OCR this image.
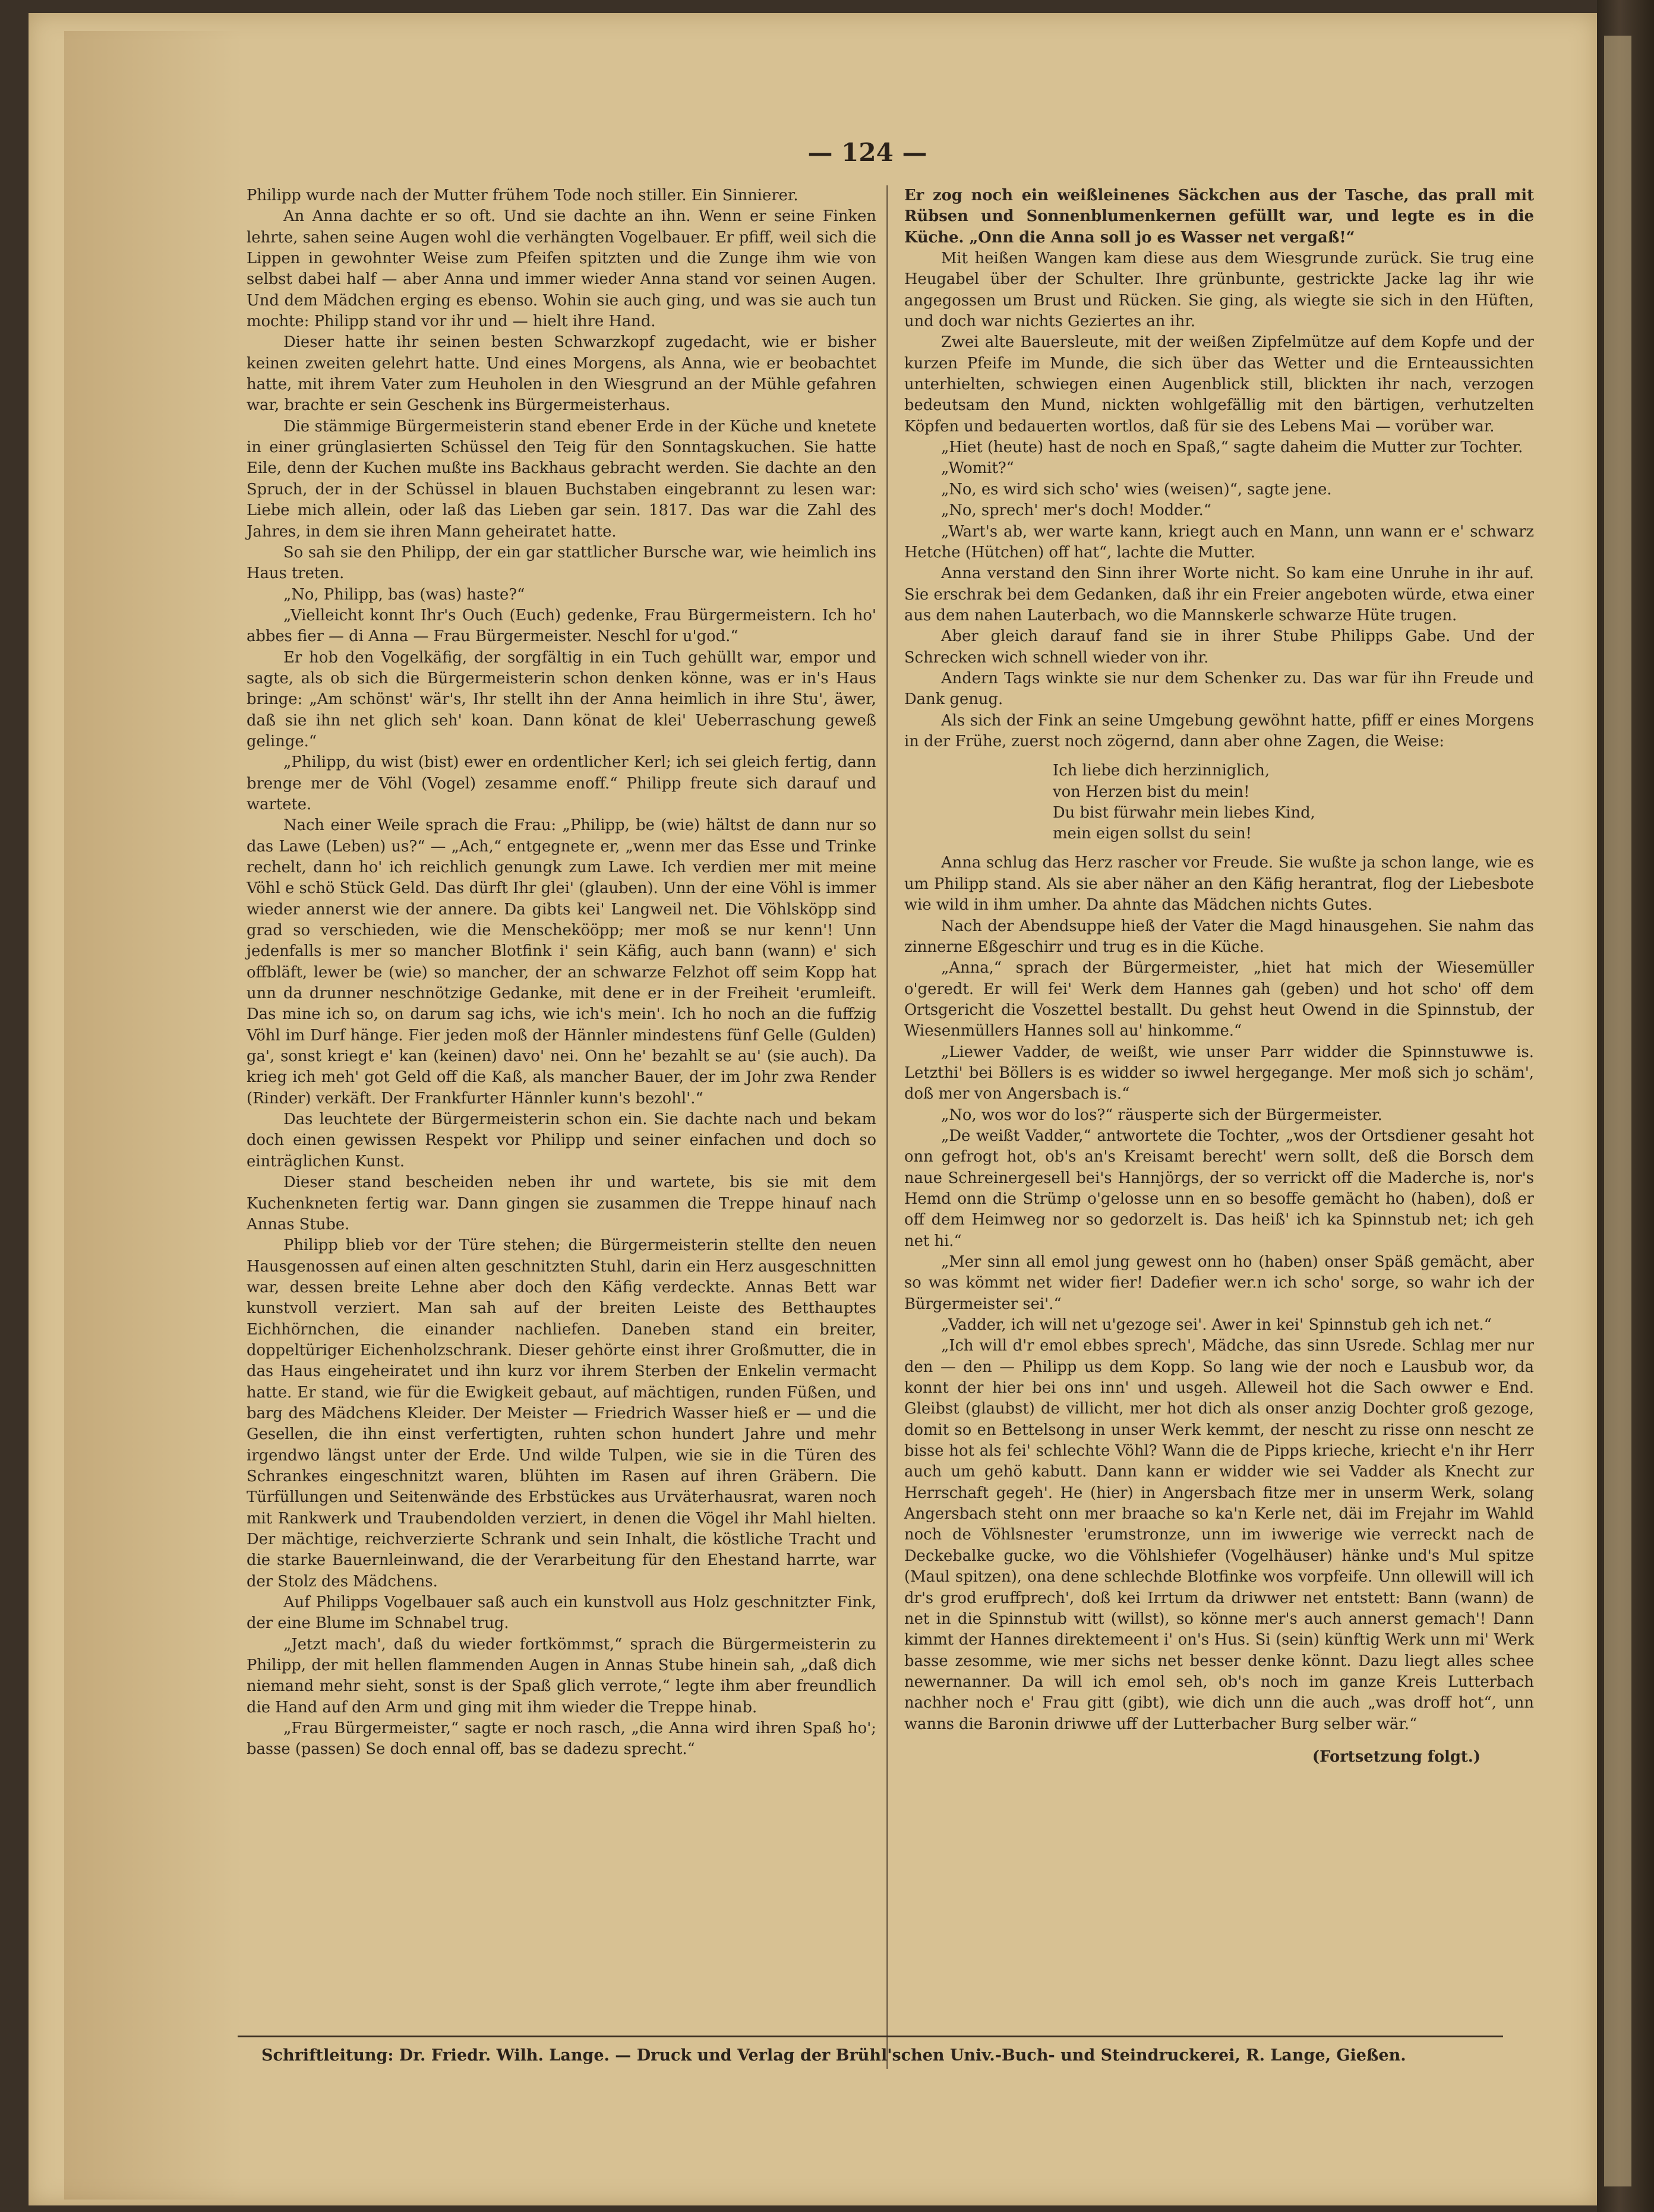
— 124 —

Philipp wurde nach der Mutter frühem Tode noch stiller. Ein Sinnierer.

An Anna dachte er so oft. Und sie dachte an ihn. Wenn er seine Finken lehrte, sahen seine Augen wohl die verhängten Vogelbauer. Er pfiff, weil sich die Lippen in gewohnter Weise zum Pfeifen spitzten und die Zunge ihm wie von selbst dabei half — aber Anna und immer wieder Anna stand vor seinen Augen. Und dem Mädchen erging es ebenso. Wohin sie auch ging, und was sie auch tun mochte: Philipp stand vor ihr und — hielt ihre Hand.

Dieser hatte ihr seinen besten Schwarzkopf zugedacht, wie er bisher keinen zweiten gelehrt hatte. Und eines Morgens, als Anna, wie er beobachtet hatte, mit ihrem Vater zum Heuholen in den Wiesgrund an der Mühle gefahren war, brachte er sein Geschenk ins Bürgermeisterhaus.

Die stämmige Bürgermeisterin stand ebener Erde in der Küche und knetete in einer grünglasierten Schüssel den Teig für den Sonntagskuchen. Sie hatte Eile, denn der Kuchen mußte ins Backhaus gebracht werden. Sie dachte an den Spruch, der in der Schüssel in blauen Buchstaben eingebrannt zu lesen war: Liebe mich allein, oder laß das Lieben gar sein. 1817. Das war die Zahl des Jahres, in dem sie ihren Mann geheiratet hatte.

So sah sie den Philipp, der ein gar stattlicher Bursche war, wie heimlich ins Haus treten.

„No, Philipp, bas (was) haste?“

„Vielleicht konnt Ihr's Ouch (Euch) gedenke, Frau Bürgermeistern. Ich ho' abbes fier — di Anna — Frau Bürgermeister. Neschl for u'god.“

Er hob den Vogelkäfig, der sorgfältig in ein Tuch gehüllt war, empor und sagte, als ob sich die Bürgermeisterin schon denken könne, was er in's Haus bringe: „Am schönst' wär's, Ihr stellt ihn der Anna heimlich in ihre Stu', äwer, daß sie ihn net glich seh' koan. Dann könat de klei' Ueberraschung geweß gelinge.“

„Philipp, du wist (bist) ewer en ordentlicher Kerl; ich sei gleich fertig, dann brenge mer de Vöhl (Vogel) zesamme enoff.“ Philipp freute sich darauf und wartete.

Nach einer Weile sprach die Frau: „Philipp, be (wie) hältst de dann nur so das Lawe (Leben) us?“ — „Ach,“ entgegnete er, „wenn mer das Esse und Trinke rechelt, dann ho' ich reichlich genungk zum Lawe. Ich verdien mer mit meine Vöhl e schö Stück Geld. Das dürft Ihr glei' (glauben). Unn der eine Vöhl is immer wieder annerst wie der annere. Da gibts kei' Langweil net. Die Vöhlsköpp sind grad so verschieden, wie die Menschekööpp; mer moß se nur kenn'! Unn jedenfalls is mer so mancher Blotfink i' sein Käfig, auch bann (wann) e' sich offbläft, lewer be (wie) so mancher, der an schwarze Felzhot off seim Kopp hat unn da drunner neschnötzige Gedanke, mit dene er in der Freiheit 'erumleift. Das mine ich so, on darum sag ichs, wie ich's mein'. Ich ho noch an die fuffzig Vöhl im Durf hänge. Fier jeden moß der Hännler mindestens fünf Gelle (Gulden) ga', sonst kriegt e' kan (keinen) davo' nei. Onn he' bezahlt se au' (sie auch). Da krieg ich meh' got Geld off die Kaß, als mancher Bauer, der im Johr zwa Render (Rinder) verkäft. Der Frankfurter Hännler kunn's bezohl'.“

Das leuchtete der Bürgermeisterin schon ein. Sie dachte nach und bekam doch einen gewissen Respekt vor Philipp und seiner einfachen und doch so einträglichen Kunst.

Dieser stand bescheiden neben ihr und wartete, bis sie mit dem Kuchenkneten fertig war. Dann gingen sie zusammen die Treppe hinauf nach Annas Stube.

Philipp blieb vor der Türe stehen; die Bürgermeisterin stellte den neuen Hausgenossen auf einen alten geschnitzten Stuhl, darin ein Herz ausgeschnitten war, dessen breite Lehne aber doch den Käfig verdeckte. Annas Bett war kunstvoll verziert. Man sah auf der breiten Leiste des Betthauptes Eichhörnchen, die einander nachliefen. Daneben stand ein breiter, doppeltüriger Eichenholzschrank. Dieser gehörte einst ihrer Großmutter, die in das Haus eingeheiratet und ihn kurz vor ihrem Sterben der Enkelin vermacht hatte. Er stand, wie für die Ewigkeit gebaut, auf mächtigen, runden Füßen, und barg des Mädchens Kleider. Der Meister — Friedrich Wasser hieß er — und die Gesellen, die ihn einst verfertigten, ruhten schon hundert Jahre und mehr irgendwo längst unter der Erde. Und wilde Tulpen, wie sie in die Türen des Schrankes eingeschnitzt waren, blühten im Rasen auf ihren Gräbern. Die Türfüllungen und Seitenwände des Erbstückes aus Urväterhausrat, waren noch mit Rankwerk und Traubendolden verziert, in denen die Vögel ihr Mahl hielten. Der mächtige, reichverzierte Schrank und sein Inhalt, die köstliche Tracht und die starke Bauernleinwand, die der Verarbeitung für den Ehestand harrte, war der Stolz des Mädchens.

Auf Philipps Vogelbauer saß auch ein kunstvoll aus Holz geschnitzter Fink, der eine Blume im Schnabel trug.

„Jetzt mach', daß du wieder fortkömmst,“ sprach die Bürgermeisterin zu Philipp, der mit hellen flammenden Augen in Annas Stube hinein sah, „daß dich niemand mehr sieht, sonst is der Spaß glich verrote,“ legte ihm aber freundlich die Hand auf den Arm und ging mit ihm wieder die Treppe hinab.

„Frau Bürgermeister,“ sagte er noch rasch, „die Anna wird ihren Spaß ho'; basse (passen) Se doch ennal off, bas se dadezu sprecht.“

Er zog noch ein weißleinenes Säckchen aus der Tasche, das prall mit Rübsen und Sonnenblumenkernen gefüllt war, und legte es in die Küche. „Onn die Anna soll jo es Wasser net vergaß!“

Mit heißen Wangen kam diese aus dem Wiesgrunde zurück. Sie trug eine Heugabel über der Schulter. Ihre grünbunte, gestrickte Jacke lag ihr wie angegossen um Brust und Rücken. Sie ging, als wiegte sie sich in den Hüften, und doch war nichts Geziertes an ihr.

Zwei alte Bauersleute, mit der weißen Zipfelmütze auf dem Kopfe und der kurzen Pfeife im Munde, die sich über das Wetter und die Ernteaussichten unterhielten, schwiegen einen Augenblick still, blickten ihr nach, verzogen bedeutsam den Mund, nickten wohlgefällig mit den bärtigen, verhutzelten Köpfen und bedauerten wortlos, daß für sie des Lebens Mai — vorüber war.

„Hiet (heute) hast de noch en Spaß,“ sagte daheim die Mutter zur Tochter.

„Womit?“

„No, es wird sich scho' wies (weisen)“, sagte jene.

„No, sprech' mer's doch! Modder.“

„Wart's ab, wer warte kann, kriegt auch en Mann, unn wann er e' schwarz Hetche (Hütchen) off hat“, lachte die Mutter.

Anna verstand den Sinn ihrer Worte nicht. So kam eine Unruhe in ihr auf. Sie erschrak bei dem Gedanken, daß ihr ein Freier angeboten würde, etwa einer aus dem nahen Lauterbach, wo die Mannskerle schwarze Hüte trugen.

Aber gleich darauf fand sie in ihrer Stube Philipps Gabe. Und der Schrecken wich schnell wieder von ihr.

Andern Tags winkte sie nur dem Schenker zu. Das war für ihn Freude und Dank genug.

Als sich der Fink an seine Umgebung gewöhnt hatte, pfiff er eines Morgens in der Frühe, zuerst noch zögernd, dann aber ohne Zagen, die Weise:

Ich liebe dich herzinniglich,
von Herzen bist du mein!
Du bist fürwahr mein liebes Kind,
mein eigen sollst du sein!

Anna schlug das Herz rascher vor Freude. Sie wußte ja schon lange, wie es um Philipp stand. Als sie aber näher an den Käfig herantrat, flog der Liebesbote wie wild in ihm umher. Da ahnte das Mädchen nichts Gutes.

Nach der Abendsuppe hieß der Vater die Magd hinausgehen. Sie nahm das zinnerne Eßgeschirr und trug es in die Küche.

„Anna,“ sprach der Bürgermeister, „hiet hat mich der Wiesemüller o'geredt. Er will fei' Werk dem Hannes gah (geben) und hot scho' off dem Ortsgericht die Voszettel bestallt. Du gehst heut Owend in die Spinnstub, der Wiesenmüllers Hannes soll au' hinkomme.“

„Liewer Vadder, de weißt, wie unser Parr widder die Spinnstuwwe is. Letzthi' bei Böllers is es widder so iwwel hergegange. Mer moß sich jo schäm', doß mer von Angersbach is.“

„No, wos wor do los?“ räusperte sich der Bürgermeister.

„De weißt Vadder,“ antwortete die Tochter, „wos der Ortsdiener gesaht hot onn gefrogt hot, ob's an's Kreisamt berecht' wern sollt, deß die Borsch dem naue Schreinergesell bei's Hannjörgs, der so verrickt off die Maderche is, nor's Hemd onn die Strümp o'gelosse unn en so besoffe gemächt ho (haben), doß er off dem Heimweg nor so gedorzelt is. Das heiß' ich ka Spinnstub net; ich geh net hi.“

„Mer sinn all emol jung gewest onn ho (haben) onser Späß gemächt, aber so was kömmt net wider fier! Dadefier wer.n ich scho' sorge, so wahr ich der Bürgermeister sei'.“

„Vadder, ich will net u'gezoge sei'. Awer in kei' Spinnstub geh ich net.“

„Ich will d'r emol ebbes sprech', Mädche, das sinn Usrede. Schlag mer nur den — den — Philipp us dem Kopp. So lang wie der noch e Lausbub wor, da konnt der hier bei ons inn' und usgeh. Alleweil hot die Sach owwer e End. Gleibst (glaubst) de villicht, mer hot dich als onser anzig Dochter groß gezoge, domit so en Bettelsong in unser Werk kemmt, der nescht zu risse onn nescht ze bisse hot als fei' schlechte Vöhl? Wann die de Pipps krieche, kriecht e'n ihr Herr auch um gehö kabutt. Dann kann er widder wie sei Vadder als Knecht zur Herrschaft gegeh'. He (hier) in Angersbach fitze mer in unserm Werk, solang Angersbach steht onn mer braache so ka'n Kerle net, däi im Frejahr im Wahld noch de Vöhlsnester 'erumstronze, unn im iwwerige wie verreckt nach de Deckebalke gucke, wo die Vöhlshiefer (Vogelhäuser) hänke und's Mul spitze (Maul spitzen), ona dene schlechde Blotfinke wos vorpfeife. Unn ollewill will ich dr's grod eruffprech', doß kei Irrtum da driwwer net entstett: Bann (wann) de net in die Spinnstub witt (willst), so könne mer's auch annerst gemach'! Dann kimmt der Hannes direktemeent i' on's Hus. Si (sein) künftig Werk unn mi' Werk basse zesomme, wie mer sichs net besser denke könnt. Dazu liegt alles schee newernanner. Da will ich emol seh, ob's noch im ganze Kreis Lutterbach nachher noch e' Frau gitt (gibt), wie dich unn die auch „was droff hot“, unn wanns die Baronin driwwe uff der Lutterbacher Burg selber wär.“

(Fortsetzung folgt.)
Schriftleitung: Dr. Friedr. Wilh. Lange. — Druck und Verlag der Brühl'schen Univ.-Buch- und Steindruckerei, R. Lange, Gießen.
